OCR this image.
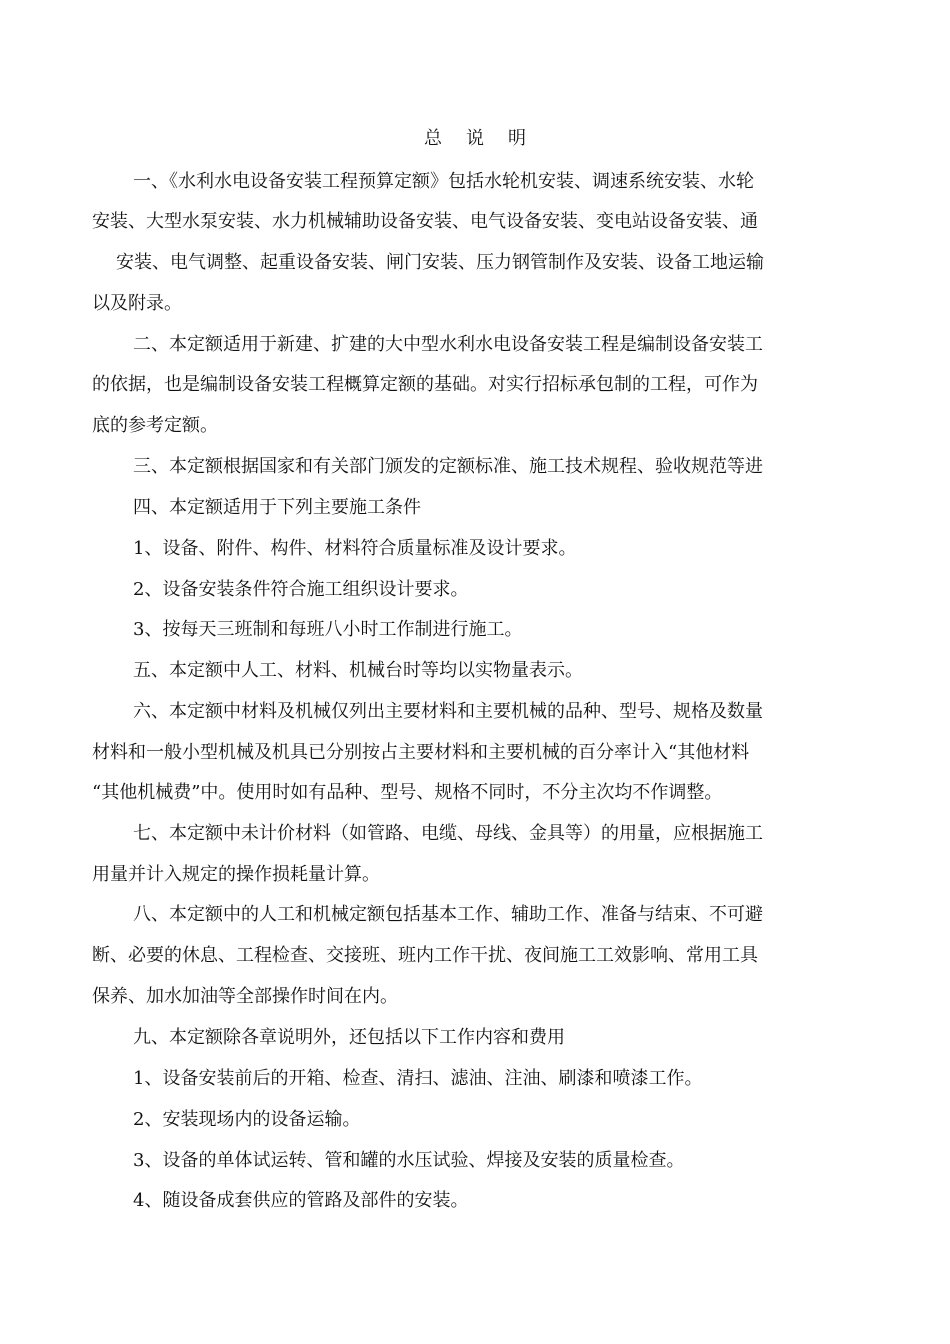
总说明
一、《水利水电设备安装工程预算定额》包括水轮机安装、调速系统安装、水轮
安装、大型水泵安装、水力机械辅助设备安装、电气设备安装、变电站设备安装、通
安装、电气调整、起重设备安装、闸门安装、压力钢管制作及安装、设备工地运输
以及附录。
二、本定额适用于新建、扩建的大中型水利水电设备安装工程是编制设备安装工
的依据，也是编制设备安装工程概算定额的基础。对实行招标承包制的工程，可作为
底的参考定额。
三、本定额根据国家和有关部门颁发的定额标准、施工技术规程、验收规范等进
四、本定额适用于下列主要施工条件
1、设备、附件、构件、材料符合质量标准及设计要求。
2、设备安装条件符合施工组织设计要求。
3、按每天三班制和每班八小时工作制进行施工。
五、本定额中人工、材料、机械台时等均以实物量表示。
六、本定额中材料及机械仅列出主要材料和主要机械的品种、型号、规格及数量
材料和一般小型机械及机具已分别按占主要材料和主要机械的百分率计入“其他材料
“其他机械费”中。使用时如有品种、型号、规格不同时，不分主次均不作调整。
七、本定额中未计价材料（如管路、电缆、母线、金具等）的用量，应根据施工
用量并计入规定的操作损耗量计算。
八、本定额中的人工和机械定额包括基本工作、辅助工作、准备与结束、不可避
断、必要的休息、工程检查、交接班、班内工作干扰、夜间施工工效影响、常用工具
保养、加水加油等全部操作时间在内。
九、本定额除各章说明外，还包括以下工作内容和费用
1、设备安装前后的开箱、检查、清扫、滤油、注油、刷漆和喷漆工作。
2、安装现场内的设备运输。
3、设备的单体试运转、管和罐的水压试验、焊接及安装的质量检查。
4、随设备成套供应的管路及部件的安装。
